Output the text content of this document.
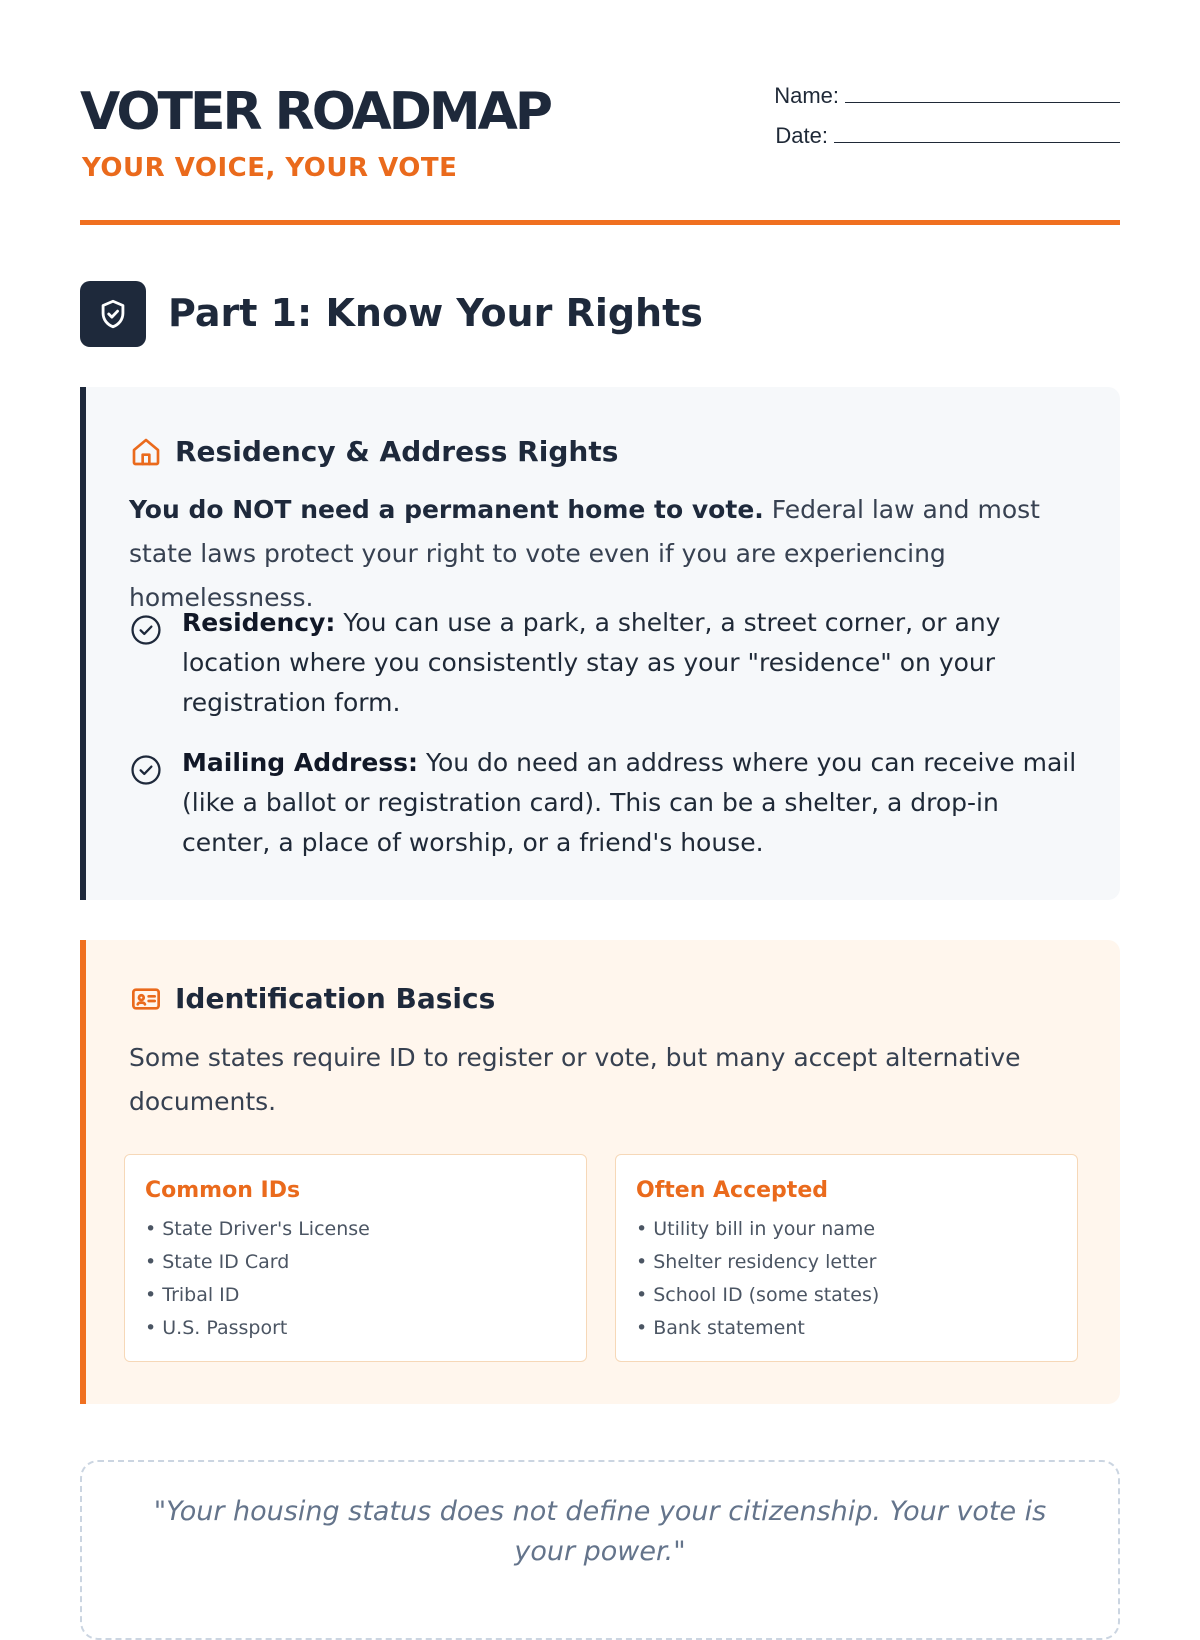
VOTER ROADMAP
YOUR VOICE, YOUR VOTE
Name:
Date:
Part 1: Know Your Rights
Residency & Address Rights

You do NOT need a permanent home to vote. Federal law and most state laws protect your right to vote even if you are experiencing homelessness.

Residency: You can use a park, a shelter, a street corner, or any location where you consistently stay as your "residence" on your registration form.

Mailing Address: You do need an address where you can receive mail (like a ballot or registration card). This can be a shelter, a drop-in center, a place of worship, or a friend's house.

Identification Basics

Some states require ID to register or vote, but many accept alternative documents.

Common IDs
• State Driver's License
• State ID Card
• Tribal ID
• U.S. Passport
Often Accepted
• Utility bill in your name
• Shelter residency letter
• School ID (some states)
• Bank statement

"Your housing status does not define your citizenship. Your vote is your power."
